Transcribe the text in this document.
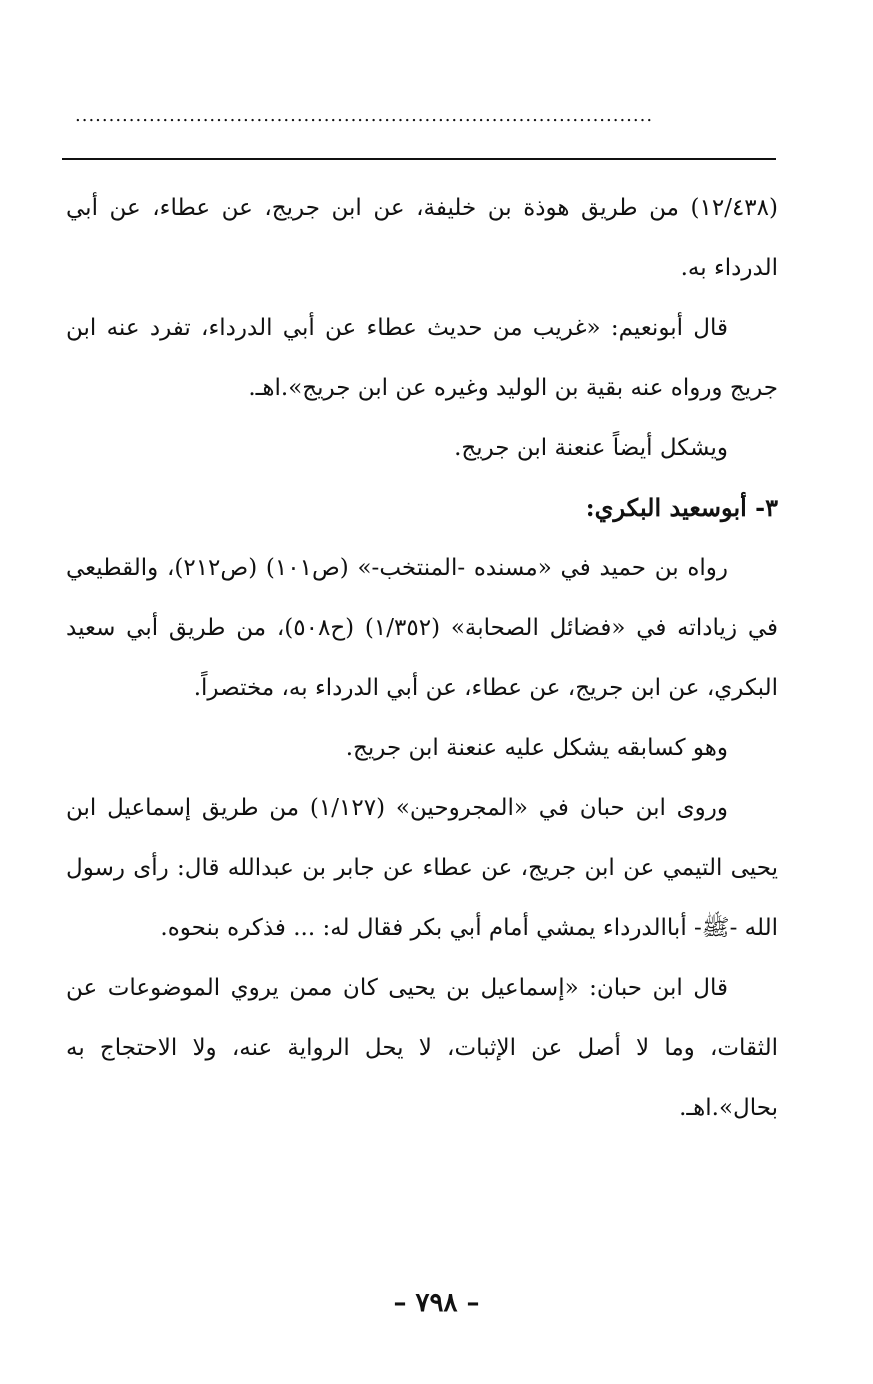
......................................................................................

(١٢/٤٣٨) من طريق هوذة بن خليفة، عن ابن جريج، عن عطاء، عن أبي الدرداء به.

قال أبونعيم: «غريب من حديث عطاء عن أبي الدرداء، تفرد عنه ابن جريج ورواه عنه بقية بن الوليد وغيره عن ابن جريج».اهـ.

ويشكل أيضاً عنعنة ابن جريج.

٣- أبوسعيد البكري:

رواه بن حميد في «مسنده -المنتخب-» (ص١٠١) (ص٢١٢)، والقطيعي في زياداته في «فضائل الصحابة» (١/٣٥٢) (ح٥٠٨)، من طريق أبي سعيد البكري، عن ابن جريج، عن عطاء، عن أبي الدرداء به، مختصراً.

وهو كسابقه يشكل عليه عنعنة ابن جريج.

وروى ابن حبان في «المجروحين» (١/١٢٧) من طريق إسماعيل ابن يحيى التيمي عن ابن جريج، عن عطاء عن جابر بن عبدالله قال: رأى رسول الله -ﷺ- أباالدرداء يمشي أمام أبي بكر فقال له: ... فذكره بنحوه.

قال ابن حبان: «إسماعيل بن يحيى كان ممن يروي الموضوعات عن الثقات، وما لا أصل عن الإثبات، لا يحل الرواية عنه، ولا الاحتجاج به بحال».اهـ.

– ٧٩٨ –
